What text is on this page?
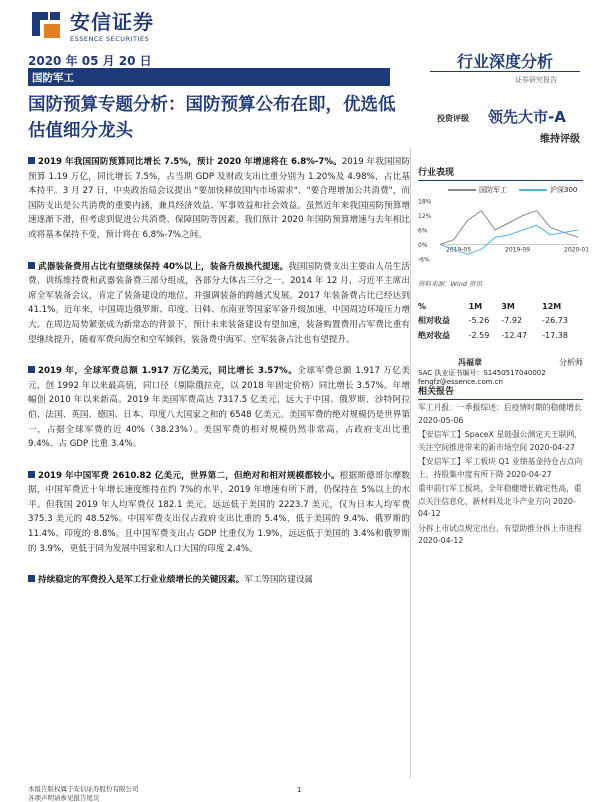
安信证券
ESSENCE SECURITIES
2020 年 05 月 20 日
国防军工
行业深度分析
证券研究报告
国防预算专题分析：国防预算公布在即，优选低估值细分龙头
投资评级 领先大市-A
维持评级
2019 年我国国防预算同比增长 7.5%，预计 2020 年增速将在 6.8%-7%。2019 年我国国防预算 1.19 万亿，同比增长 7.5%，占当期 GDP 及财政支出比重分别为 1.20%及 4.98%，占比基本持平。3 月 27 日，中央政治局会议提出 "要加快释放国内市场需求"、"要合理增加公共消费"，而国防支出是公共消费的重要内涵，兼具经济效益、军事效益和社会效益。虽然近年来我国国防预算增速逐渐下滑，但考虑到促进公共消费、保障国防等因素，我们预计 2020 年国防预算增速与去年相比或将基本保持不变，预计将在 6.8%-7%之间。
武器装备费用占比有望继续保持 40%以上，装备升级换代提速。我国国防费支出主要由人员生活费、训练维持费和武器装备费三部分组成，各部分大体占三分之一。2014 年 12 月，习近平主席出席全军装备会议，肯定了装备建设的地位，并强调装备的跨越式发展。2017 年装备费占比已经达到 41.1%。近年来，中国周边俄罗斯、印度、日韩、东南亚等国家军备升级加速，中国周边环境压力增大。在周边局势紧张成为新常态的背景下，预计未来装备建设有望加速，装备购置费用占军费比重有望继续提升，随着军费向海空和空军倾斜，装备费中海军、空军装备占比也有望提升。
2019 年，全球军费总额 1.917 万亿美元，同比增长 3.57%。全球军费总额 1.917 万亿美元，创 1992 年以来最高值，同口径（剔除俄拉克，以 2018 年固定价格）同比增长 3.57%。年增幅创 2010 年以来新高。2019 年美国军费高达 7317.5 亿美元，远大于中国、俄罗斯、沙特阿拉伯、法国、英国、德国、日本、印度八大国家之和的 6548 亿美元。美国军费的绝对规模仍是世界第一，占据全球军费的近 40%（38.23%）。美国军费的相对规模仍然非常高，占政府支出比重 9.4%、占 GDP 比重 3.4%。
2019 年中国军费 2610.82 亿美元，世界第二，但绝对和相对规模都较小。根据斯德哥尔摩数据，中国军费近十年增长速度维持在约 7%的水平，2019 年增速有所下滑，仍保持在 5%以上的水平。但我国 2019 年人均军费仅 182.1 美元，远远低于美国的 2223.7 美元，仅为日本人均军费 375.3 美元的 48.52%。中国军费支出仅占政府支出比重的 5.4%，低于美国的 9.4%、俄罗斯的 11.4%、印度的 8.8%。且中国军费支出占 GDP 比重仅为 1.9%，远远低于美国的 3.4%和俄罗斯的 3.9%，更低于同为发展中国家和人口大国的印度 2.4%。
持续稳定的军费投入是军工行业业绩增长的关键因素。军工等国防建设属
行业表现
国防军工	沪深300
18%
12%
6%
0%
-6%
2019-05	2019-09	2020-01
资料来源：Wind 资讯
%	1M	3M	12M
相对收益	-5.26	-7.92	-26.73
绝对收益	-2.59	-12.47	-17.38
冯福章	分析师
SAC 执业证书编号：S1450517040002
fengfz@essence.com.cn
相关报告
军工月报：一季报综述：后疫情时期的稳健增长 2020-05-06
【安信军工】SpaceX 星链强公测定天王联网，关注空间推进带来的新市场空间 2020-04-27
【安信军工】军工板块 Q1 业绩基金持仓占点向上，持股集中度有所下降 2020-04-27
重申前行军工板块，全年稳健增长确定性高，重点关注信息化、新材料及北斗产业方向 2020-04-12
分拆上市试点规定出台，有望助推分拆上市进程 2020-04-12
本报告版权属于安信证券股份有限公司
各项声明请参见报告尾页
1
